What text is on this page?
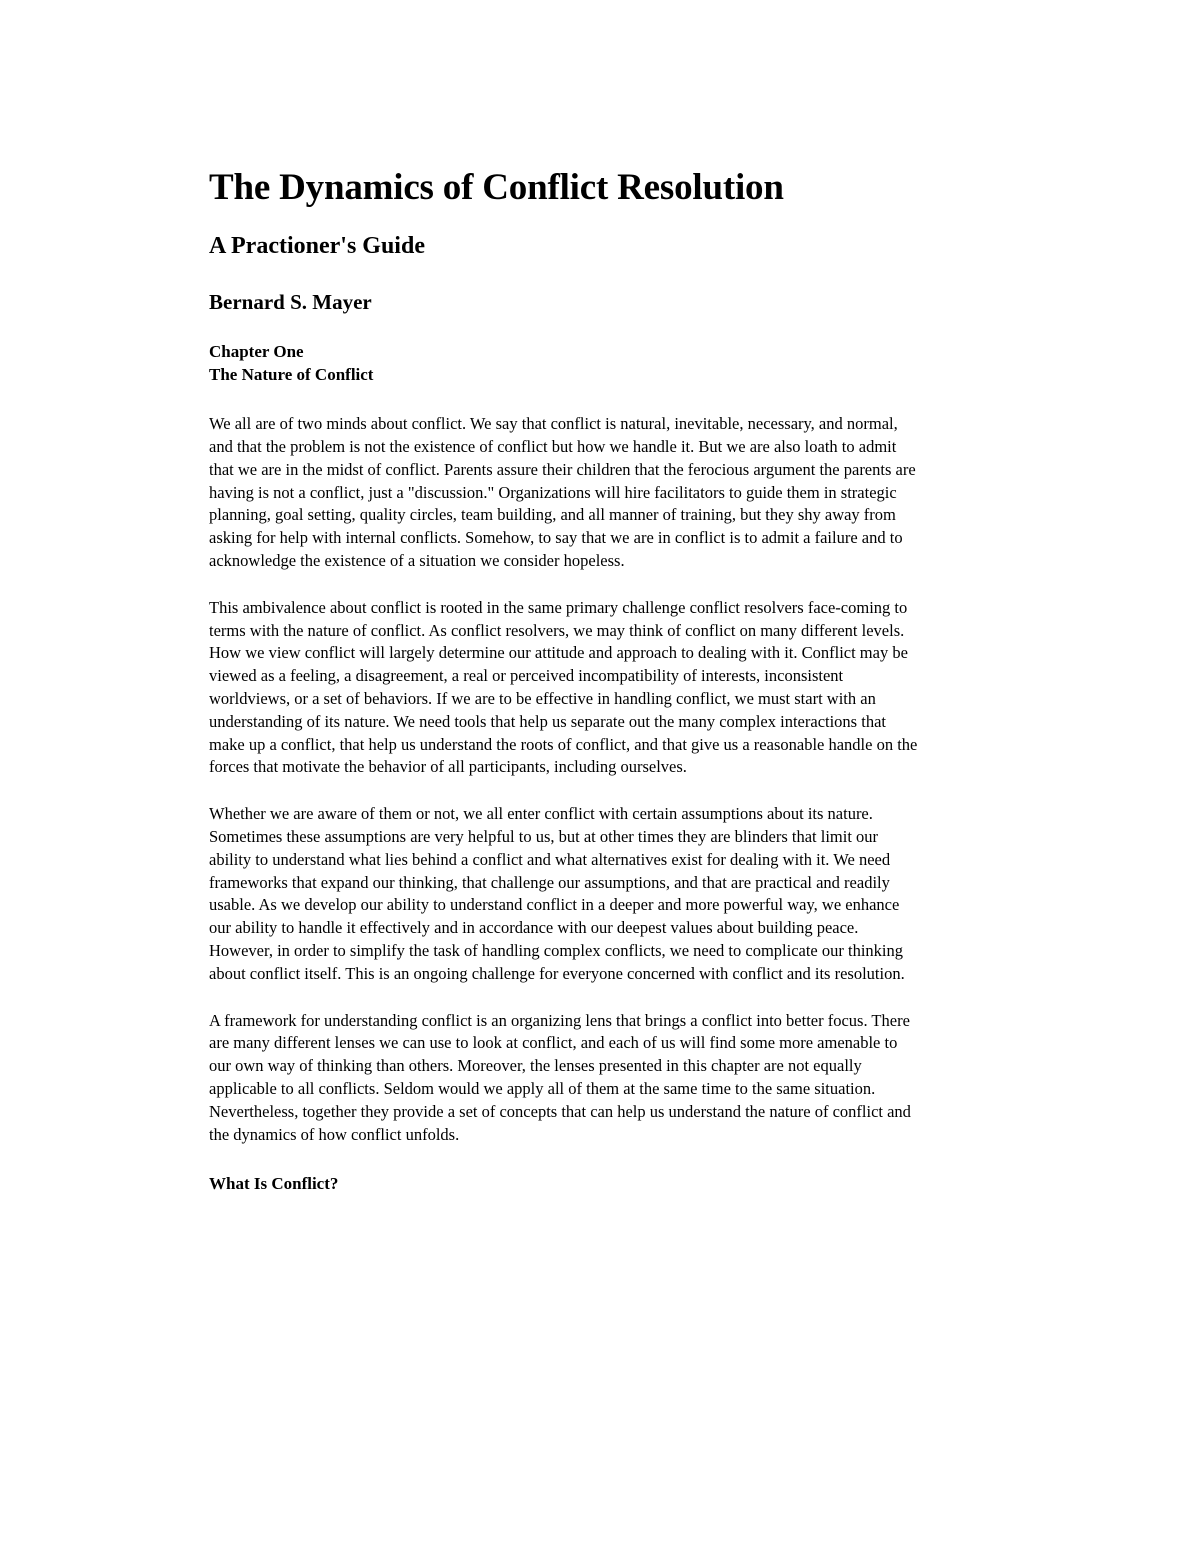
The Dynamics of Conflict Resolution
A Practioner's Guide
Bernard S. Mayer
Chapter One
The Nature of Conflict

We all are of two minds about conflict. We say that conflict is natural, inevitable, necessary, and normal, and that the problem is not the existence of conflict but how we handle it. But we are also loath to admit that we are in the midst of conflict. Parents assure their children that the ferocious argument the parents are having is not a conflict, just a "discussion." Organizations will hire facilitators to guide them in strategic planning, goal setting, quality circles, team building, and all manner of training, but they shy away from asking for help with internal conflicts. Somehow, to say that we are in conflict is to admit a failure and to acknowledge the existence of a situation we consider hopeless.

This ambivalence about conflict is rooted in the same primary challenge conflict resolvers face-coming to terms with the nature of conflict. As conflict resolvers, we may think of conflict on many different levels. How we view conflict will largely determine our attitude and approach to dealing with it. Conflict may be viewed as a feeling, a disagreement, a real or perceived incompatibility of interests, inconsistent worldviews, or a set of behaviors. If we are to be effective in handling conflict, we must start with an understanding of its nature. We need tools that help us separate out the many complex interactions that make up a conflict, that help us understand the roots of conflict, and that give us a reasonable handle on the forces that motivate the behavior of all participants, including ourselves.

Whether we are aware of them or not, we all enter conflict with certain assumptions about its nature. Sometimes these assumptions are very helpful to us, but at other times they are blinders that limit our ability to understand what lies behind a conflict and what alternatives exist for dealing with it. We need frameworks that expand our thinking, that challenge our assumptions, and that are practical and readily usable. As we develop our ability to understand conflict in a deeper and more powerful way, we enhance our ability to handle it effectively and in accordance with our deepest values about building peace. However, in order to simplify the task of handling complex conflicts, we need to complicate our thinking about conflict itself. This is an ongoing challenge for everyone concerned with conflict and its resolution.

A framework for understanding conflict is an organizing lens that brings a conflict into better focus. There are many different lenses we can use to look at conflict, and each of us will find some more amenable to our own way of thinking than others. Moreover, the lenses presented in this chapter are not equally applicable to all conflicts. Seldom would we apply all of them at the same time to the same situation. Nevertheless, together they provide a set of concepts that can help us understand the nature of conflict and the dynamics of how conflict unfolds.

What Is Conflict?
